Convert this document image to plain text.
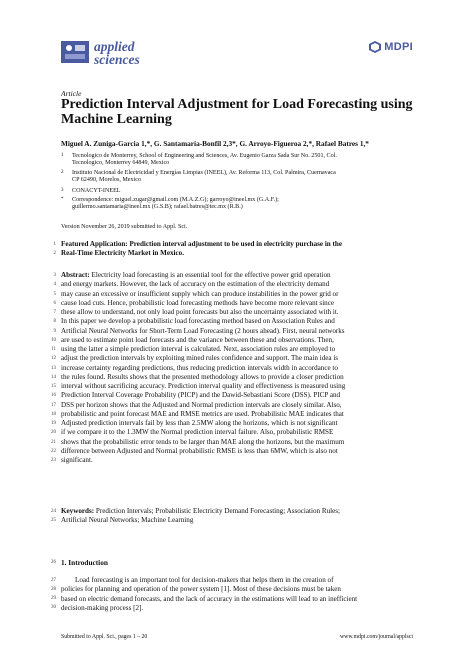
applied
sciences
MDPI
Article
Prediction Interval Adjustment for Load Forecasting using Machine Learning
Miguel A. Zuniga-Garcia 1,*, G. Santamaría-Bonfil 2,3*, G. Arroyo-Figueroa 2,*, Rafael Batres 1,*
1 Tecnologico de Monterrey, School of Engineering and Sciences, Av. Eugenio Garza Sada Sur No. 2501, Col.
Tecnologico, Monterrey 64849, Mexico
2 Instituto Nacional de Electricidad y Energías Limpias (INEEL), Av. Reforma 113, Col. Palmira, Cuernavaca
CP 62490, Morelos, Mexico
3 CONACYT-INEEL
* Correspondence: miguel.zugar@gmail.com (M.A.Z.G); garroyo@ineel.mx (G.A.F.);
guillermo.santamaria@ineel.mx (G.S.B); rafael.batres@tec.mx (R.B.)
Version November 26, 2019 submitted to Appl. Sci.
1
2
Featured Application: Prediction interval adjustment to be used in electricity purchase in the
Real-Time Electricity Market in Mexico.
Abstract: Electricity load forecasting is an essential tool for the effective power grid operation
and energy markets. However, the lack of accuracy on the estimation of the electricity demand
may cause an excessive or insufficient supply which can produce instabilities in the power grid or
cause load cuts. Hence, probabilistic load forecasting methods have become more relevant since
these allow to understand, not only load point forecasts but also the uncertainty associated with it.
In this paper we develop a probabilistic load forecasting method based on Association Rules and
Artificial Neural Networks for Short-Term Load Forecasting (2 hours ahead). First, neural networks
are used to estimate point load forecasts and the variance between these and observations. Then,
using the latter a simple prediction interval is calculated. Next, association rules are employed to
adjust the prediction intervals by exploiting mined rules confidence and support. The main idea is
increase certainty regarding predictions, thus reducing prediction intervals width in accordance to
the rules found. Results shows that the presented methodology allows to provide a closer prediction
interval without sacrificing accuracy. Prediction interval quality and effectiveness is measured using
Prediction Interval Coverage Probability (PICP) and the Dawid-Sebastiani Score (DSS). PICP and
DSS per horizon shows that the Adjusted and Normal prediction intervals are closely similar. Also,
probabilistic and point forecast MAE and RMSE metrics are used. Probabilistic MAE indicates that
Adjusted prediction intervals fail by less than 2.5MW along the horizons, which is not significant
if we compare it to the 1.3MW the Normal prediction interval failure. Also, probabilistic RMSE
shows that the probabilistic error tends to be larger than MAE along the horizons, but the maximum
difference between Adjusted and Normal probabilistic RMSE is less than 6MW, which is also not
significant.
3
4
5
6
7
8
9
10
11
12
13
14
15
16
17
18
19
20
21
22
23
24
25
Keywords: Prediction Intervals; Probabilistic Electricity Demand Forecasting; Association Rules;
Artificial Neural Networks; Machine Learning
26 1. Introduction
27
28
29
30
Load forecasting is an important tool for decision-makers that helps them in the creation of
policies for planning and operation of the power system [1]. Most of these decisions must be taken
based on electric demand forecasts, and the lack of accuracy in the estimations will lead to an inefficient
decision-making process [2].
Submitted to Appl. Sci., pages 1 – 20	www.mdpi.com/journal/applsci
